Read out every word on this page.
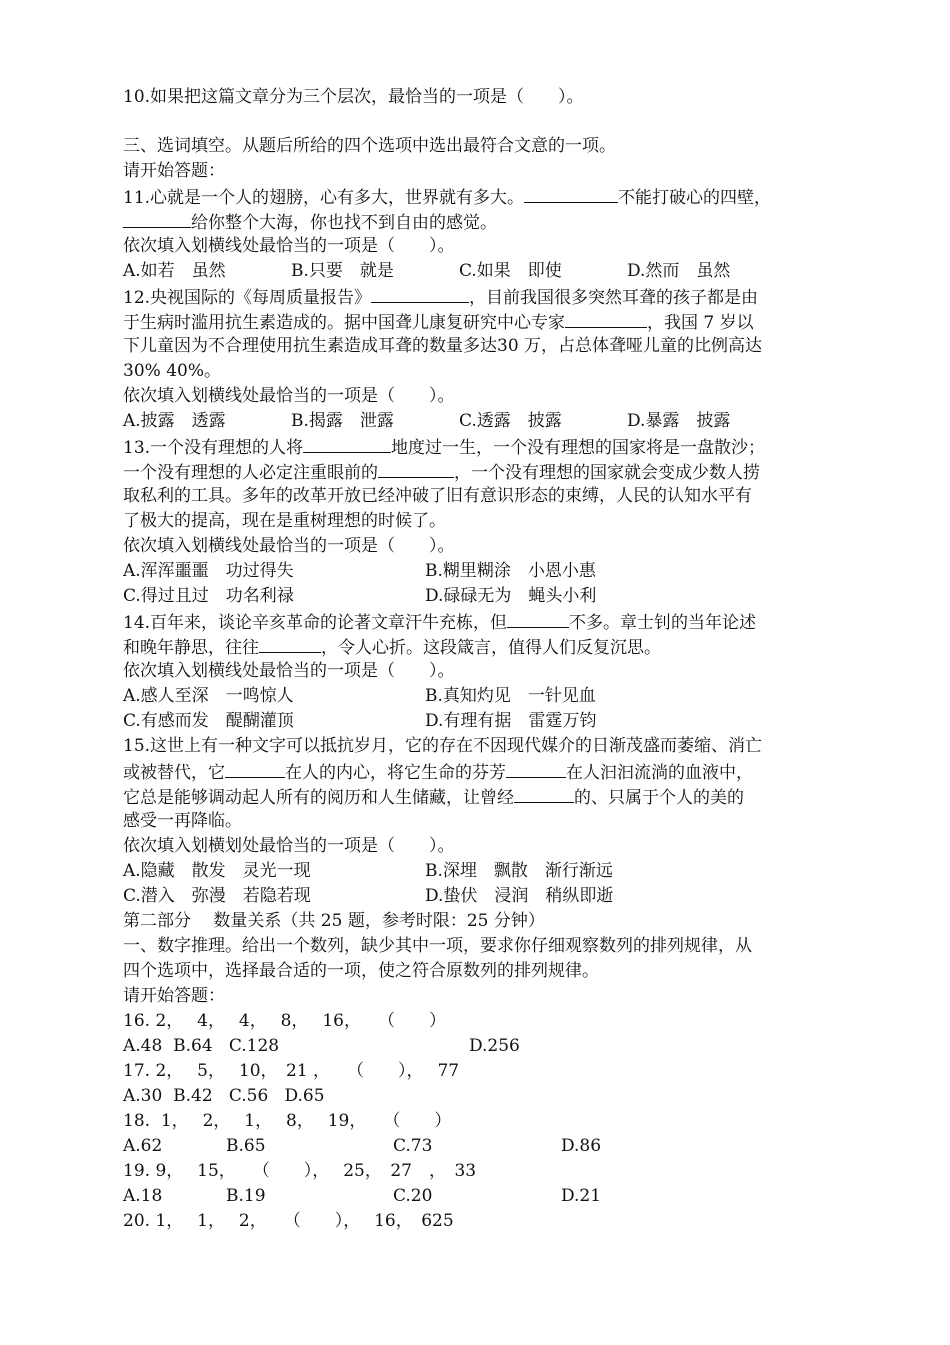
10.如果把这篇文章分为三个层次，最恰当的一项是（　　）。
三、选词填空。从题后所给的四个选项中选出最符合文意的一项。
请开始答题：
11.心就是一个人的翅膀，心有多大，世界就有多大。	不能打破心的四壁，
给你整个大海，你也找不到自由的感觉。
依次填入划横线处最恰当的一项是（　　）。
A.如若　虽然	B.只要　就是	C.如果　即使	D.然而　虽然
12.央视国际的《每周质量报告》	，目前我国很多突然耳聋的孩子都是由
于生病时滥用抗生素造成的。据中国聋儿康复研究中心专家	，我国 7 岁以
下儿童因为不合理使用抗生素造成耳聋的数量多达30 万，占总体聋哑儿童的比例高达
30% 40%。
依次填入划横线处最恰当的一项是（　　）。
A.披露　透露	B.揭露　泄露	C.透露　披露	D.暴露　披露
13.一个没有理想的人将	地度过一生，一个没有理想的国家将是一盘散沙；
一个没有理想的人必定注重眼前的	，一个没有理想的国家就会变成少数人捞
取私利的工具。多年的改革开放已经冲破了旧有意识形态的束缚，人民的认知水平有
了极大的提高，现在是重树理想的时候了。
依次填入划横线处最恰当的一项是（　　）。
A.浑浑噩噩　功过得失	B.糊里糊涂　小恩小惠
C.得过且过　功名利禄	D.碌碌无为　蝇头小利
14.百年来，谈论辛亥革命的论著文章汗牛充栋，但	不多。章士钊的当年论述
和晚年静思，往往	，令人心折。这段箴言，值得人们反复沉思。
依次填入划横线处最恰当的一项是（　　）。
A.感人至深　一鸣惊人	B.真知灼见　一针见血
C.有感而发　醍醐灌顶	D.有理有据　雷霆万钧
15.这世上有一种文字可以抵抗岁月，它的存在不因现代媒介的日渐茂盛而萎缩、消亡
或被替代，它	在人的内心，将它生命的芬芳	在人汩汩流淌的血液中，
它总是能够调动起人所有的阅历和人生储藏，让曾经	的、只属于个人的美的
感受一再降临。
依次填入划横划处最恰当的一项是（　　）。
A.隐藏　散发　灵光一现	B.深埋　飘散　渐行渐远
C.潜入　弥漫　若隐若现	D.蛰伏　浸润　稍纵即逝
第二部分　 数量关系（共 25 题，参考时限：25 分钟）
一、数字推理。给出一个数列，缺少其中一项，要求你仔细观察数列的排列规律，从
四个选项中，选择最合适的一项，使之符合原数列的排列规律。
请开始答题：
16. 2，　 4，　 4，　 8，　 16，　　（　　）
A.48  B.64   C.128	D.256
17. 2，　 5，　 10，　21 ，　　（　　），　 77
A.30  B.42   C.56   D.65
18.  1，　 2，　 1，　 8，　 19，　　（　　）
A.62	B.65	C.73	D.86
19. 9，　 15，　　（　　），　 25，　27　，　33
A.18	B.19	C.20	D.21
20. 1，　 1，　 2，　　（　　），　 16，　625
